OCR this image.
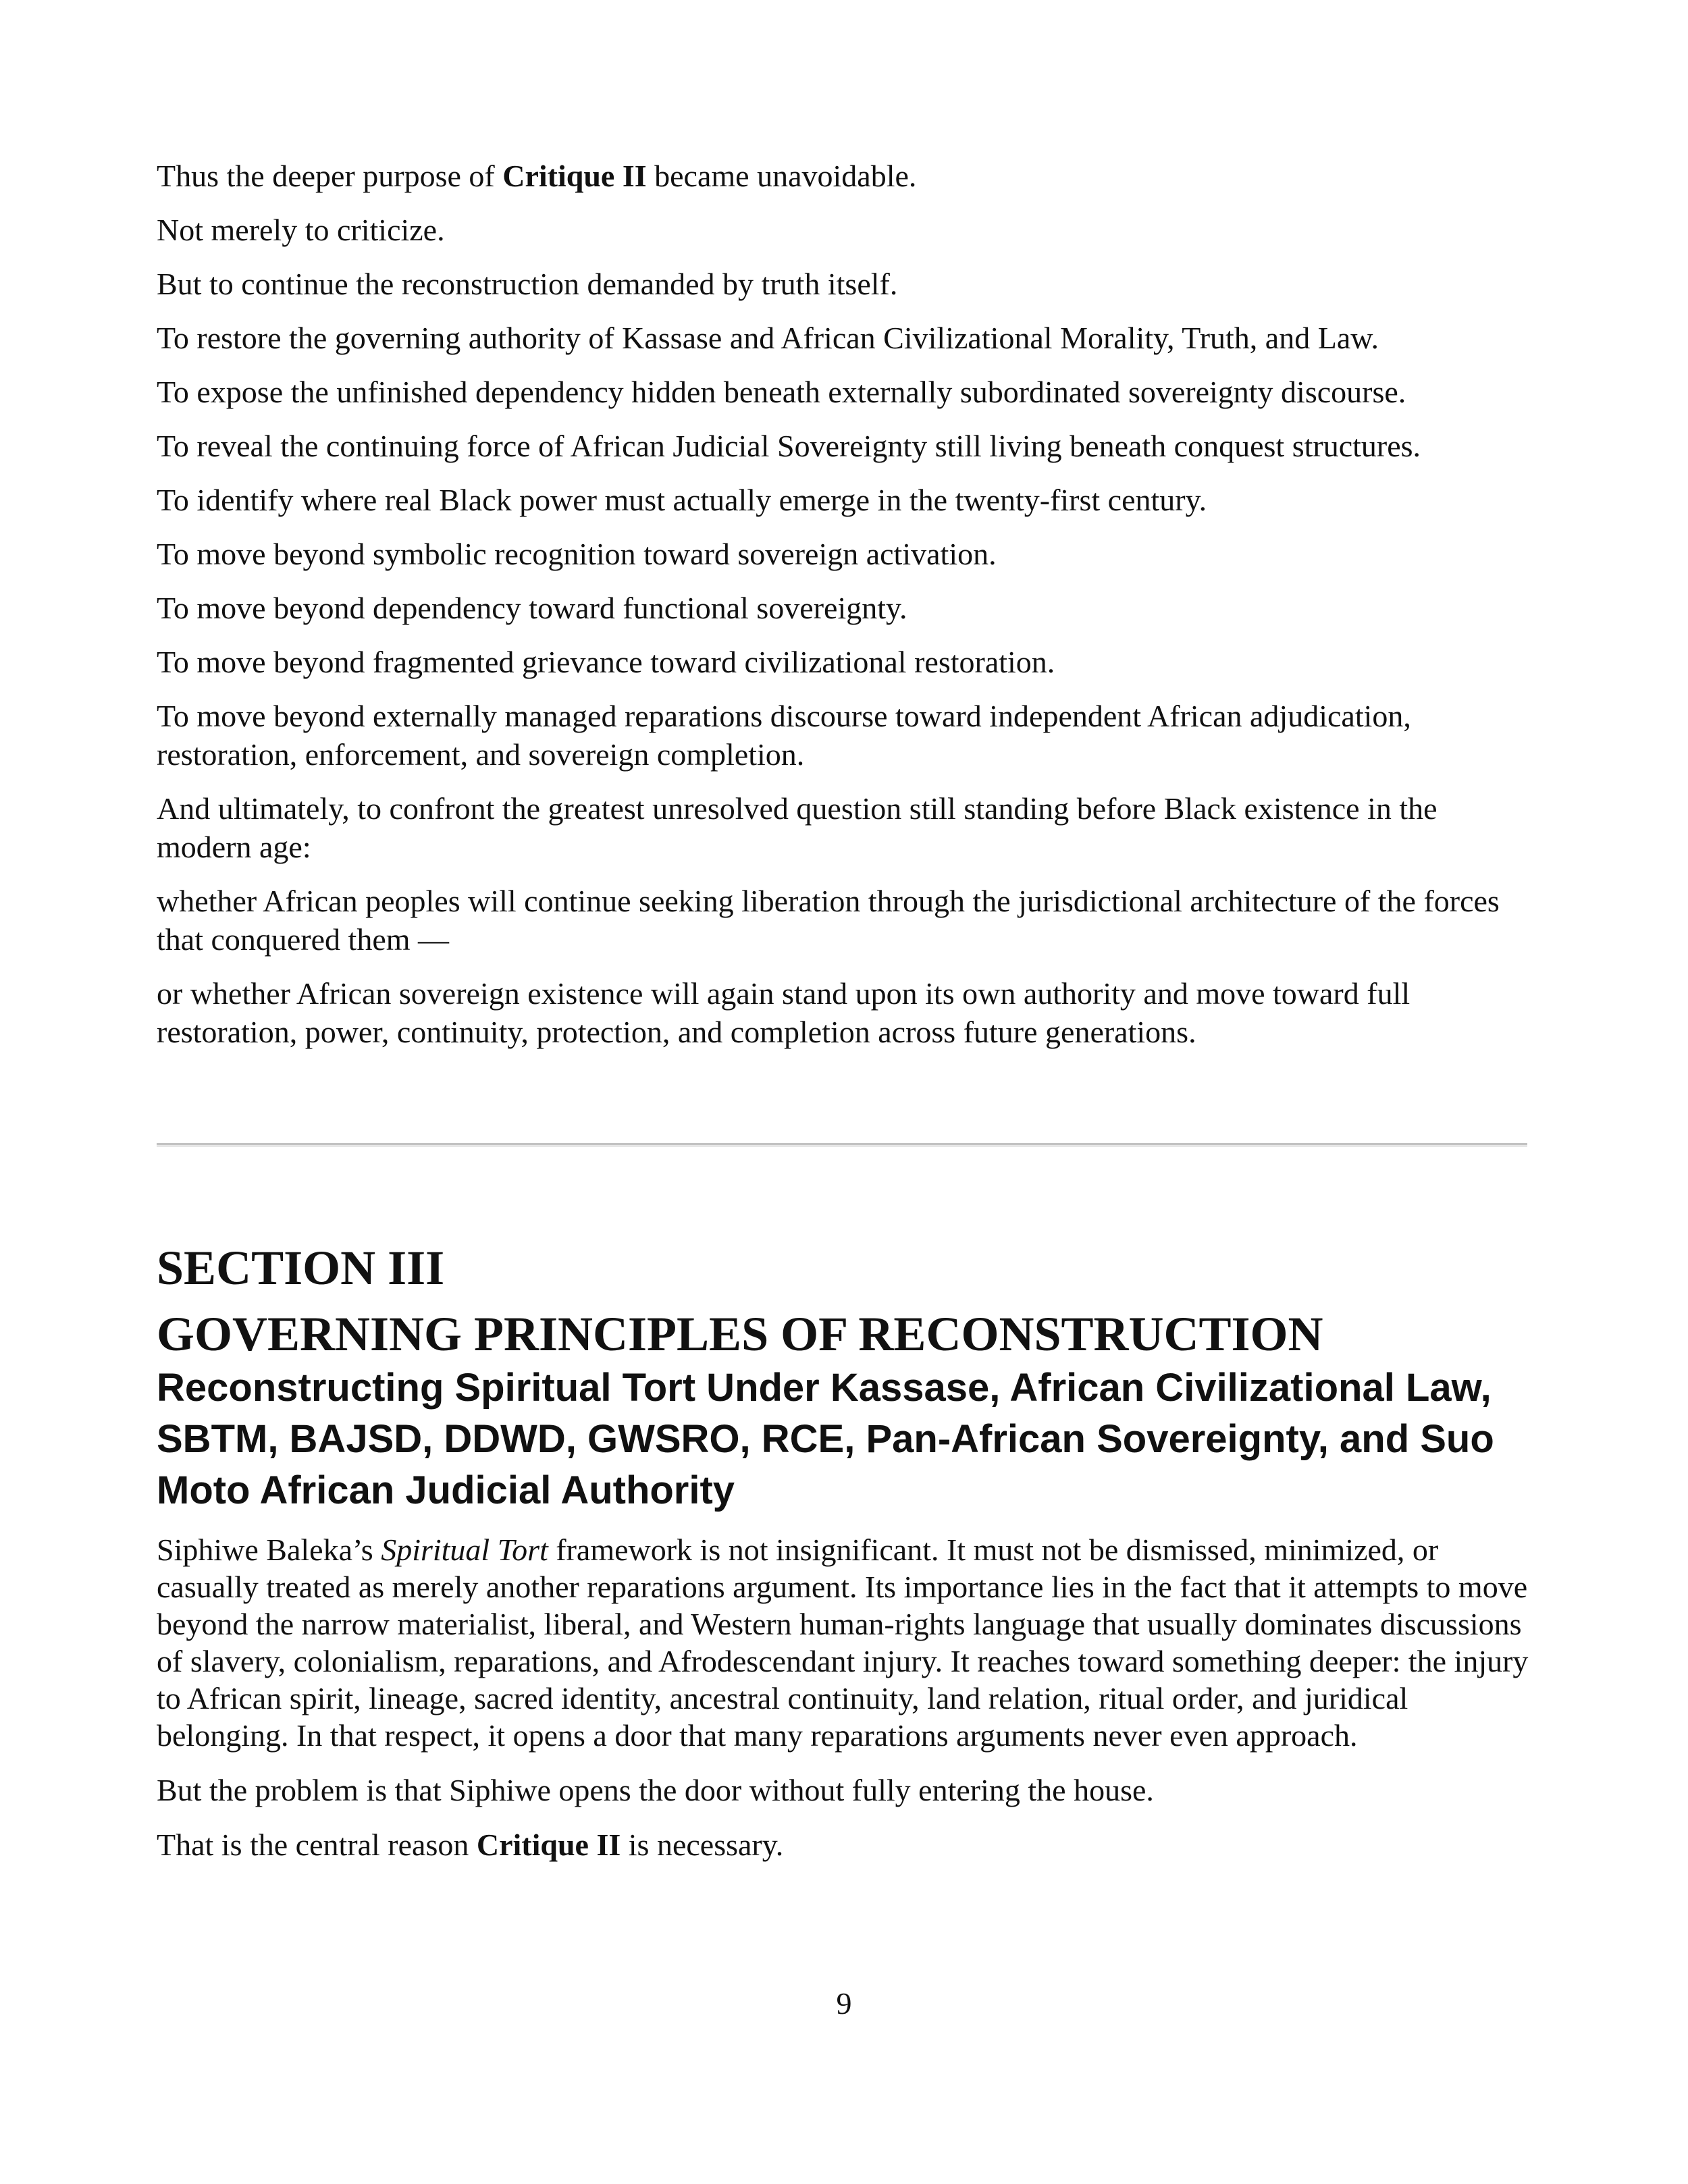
Thus the deeper purpose of Critique II became unavoidable.

Not merely to criticize.

But to continue the reconstruction demanded by truth itself.

To restore the governing authority of Kassase and African Civilizational Morality, Truth, and Law.

To expose the unfinished dependency hidden beneath externally subordinated sovereignty discourse.

To reveal the continuing force of African Judicial Sovereignty still living beneath conquest structures.

To identify where real Black power must actually emerge in the twenty-first century.

To move beyond symbolic recognition toward sovereign activation.

To move beyond dependency toward functional sovereignty.

To move beyond fragmented grievance toward civilizational restoration.

To move beyond externally managed reparations discourse toward independent African adjudication, restoration, enforcement, and sovereign completion.

And ultimately, to confront the greatest unresolved question still standing before Black existence in the modern age:

whether African peoples will continue seeking liberation through the jurisdictional architecture of the forces that conquered them —

or whether African sovereign existence will again stand upon its own authority and move toward full restoration, power, continuity, protection, and completion across future generations.

SECTION III
GOVERNING PRINCIPLES OF RECONSTRUCTION
Reconstructing Spiritual Tort Under Kassase, African Civilizational Law, SBTM, BAJSD, DDWD, GWSRO, RCE, Pan-African Sovereignty, and Suo Moto African Judicial Authority

Siphiwe Baleka’s Spiritual Tort framework is not insignificant. It must not be dismissed, minimized, or casually treated as merely another reparations argument. Its importance lies in the fact that it attempts to move beyond the narrow materialist, liberal, and Western human-rights language that usually dominates discussions of slavery, colonialism, reparations, and Afrodescendant injury. It reaches toward something deeper: the injury to African spirit, lineage, sacred identity, ancestral continuity, land relation, ritual order, and juridical belonging. In that respect, it opens a door that many reparations arguments never even approach.

But the problem is that Siphiwe opens the door without fully entering the house.

That is the central reason Critique II is necessary.

9
